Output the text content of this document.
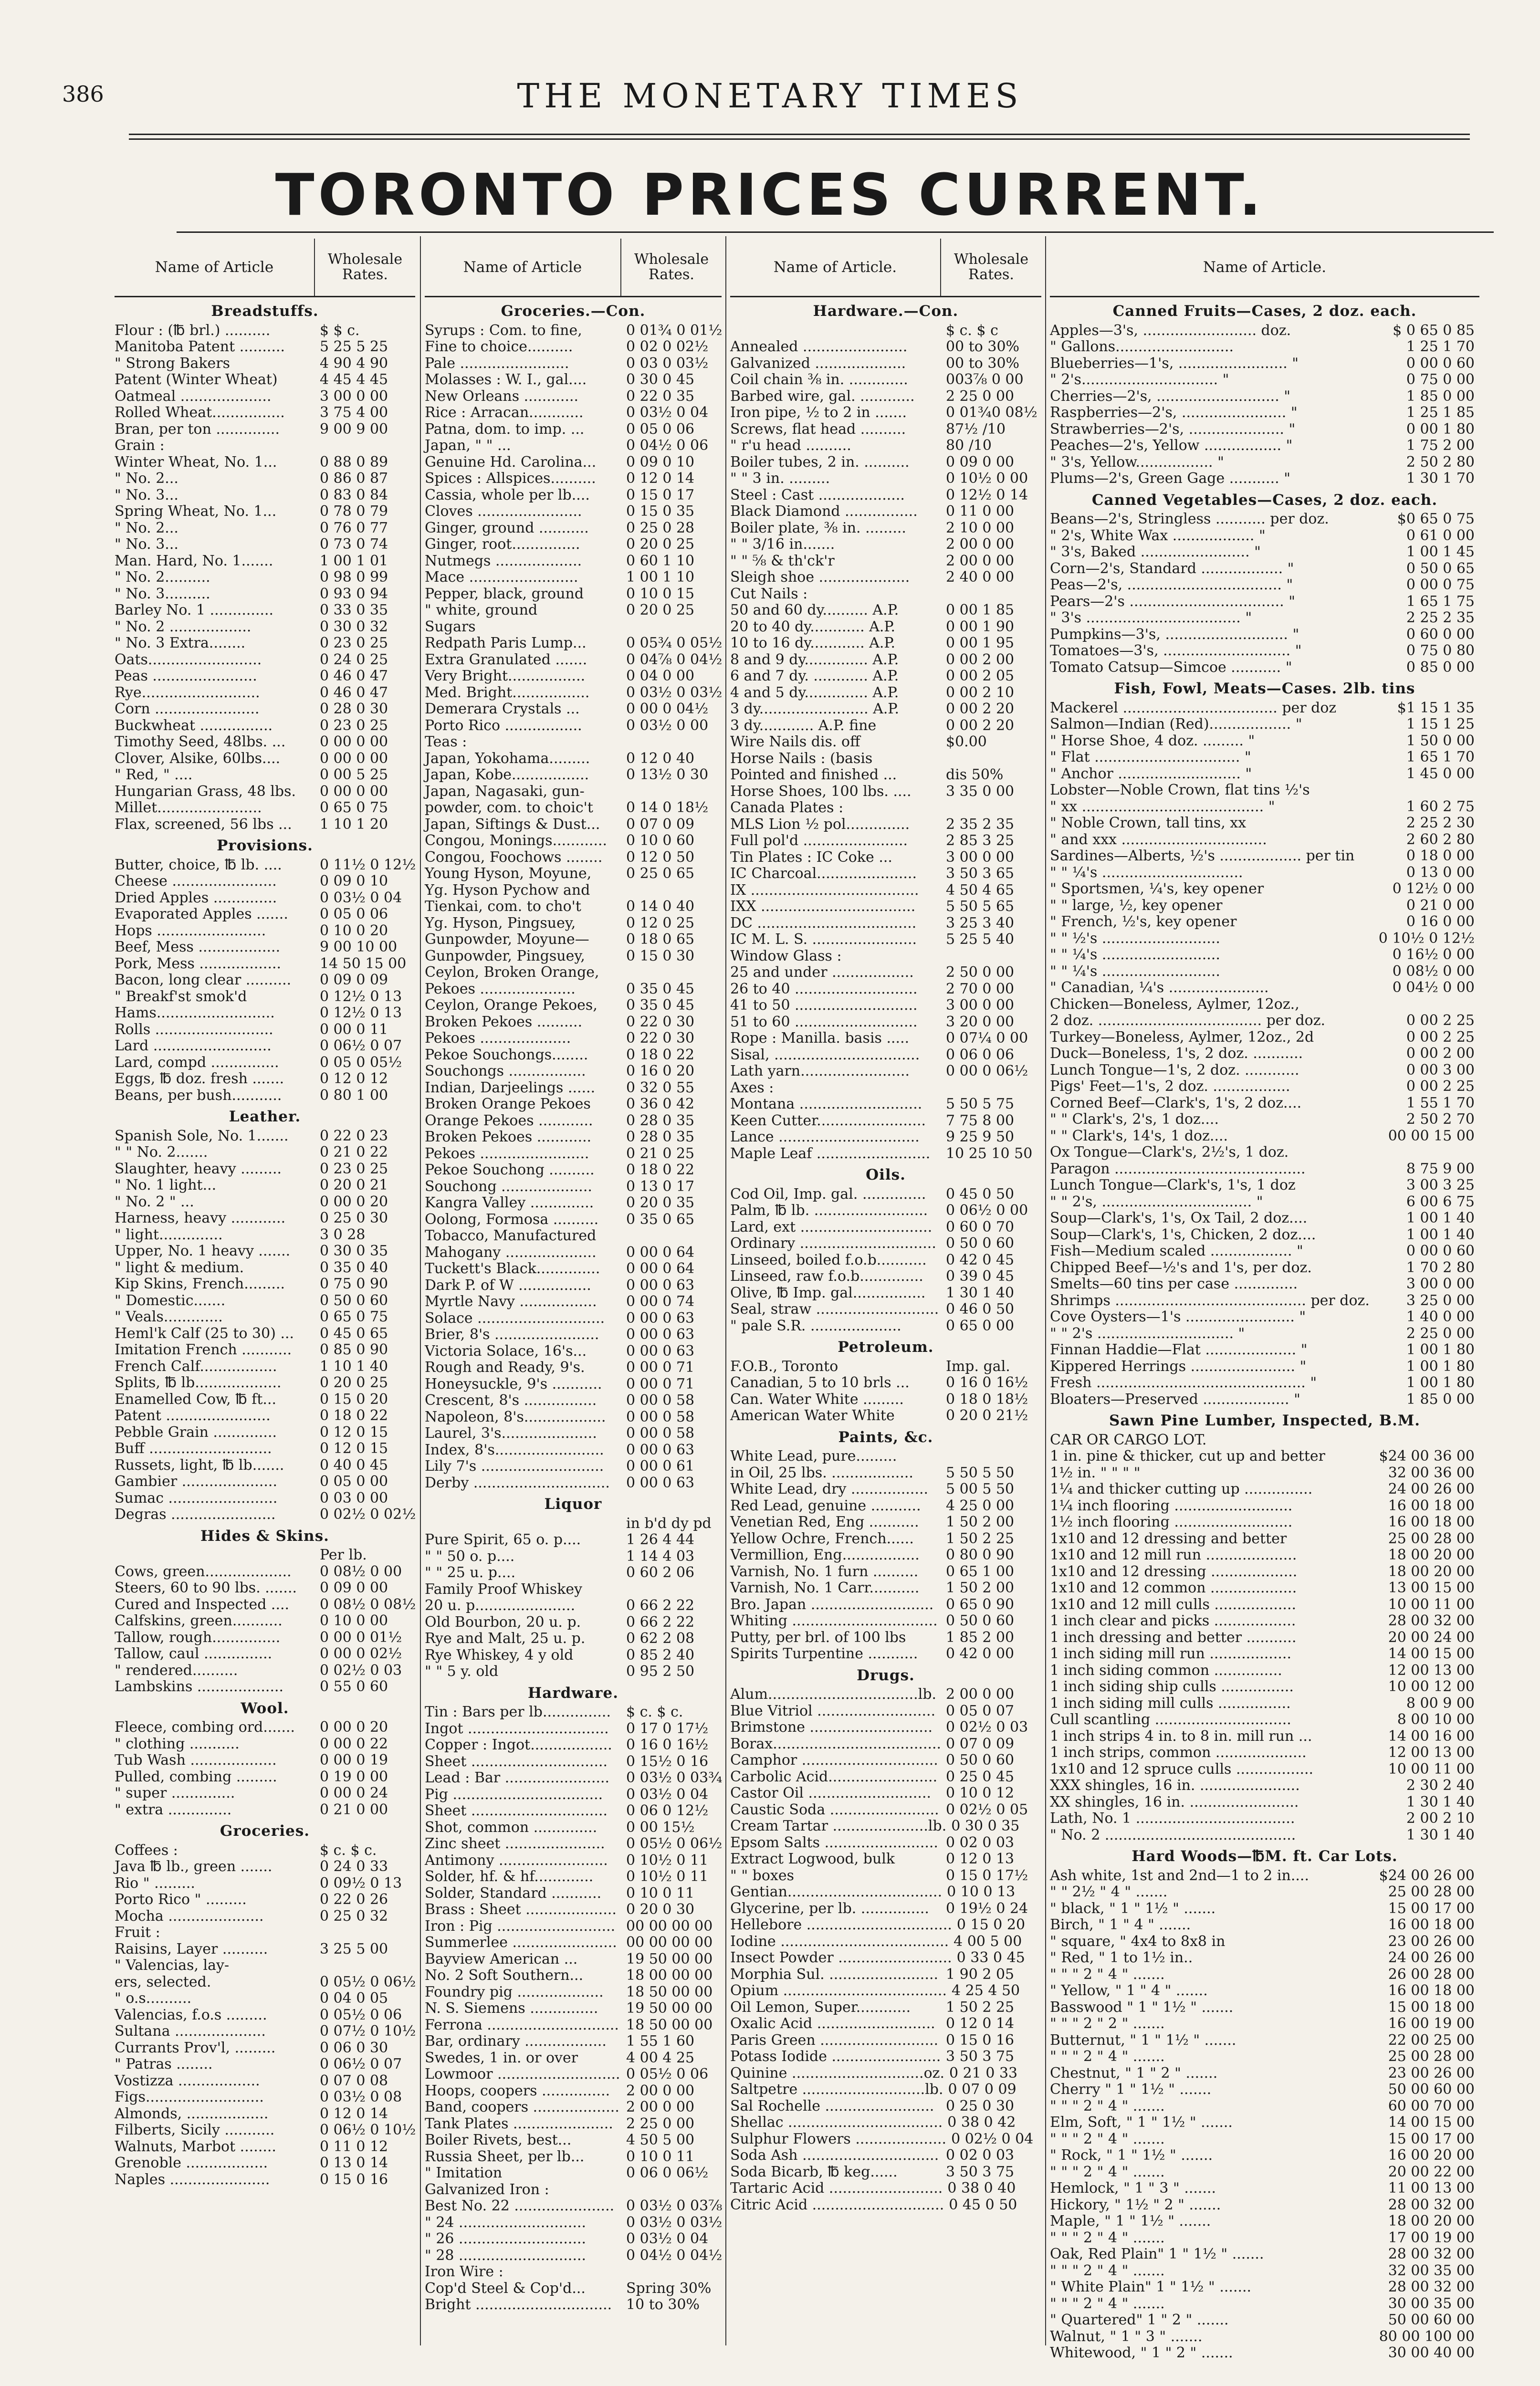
386	THE MONETARY TIMES
TORONTO PRICES CURRENT.
Name of Article	Wholesale Rates.
Breadstuffs.
Flour : (℔ brl.) ..........	$ $ c.
Manitoba Patent ..........	5 25 5 25
" Strong Bakers	4 90 4 90
Patent (Winter Wheat)	4 45 4 45
Oatmeal ....................	3 00 0 00
Rolled Wheat................	3 75 4 00
Bran, per ton ..............	9 00 9 00
Grain :
Winter Wheat, No. 1...	0 88 0 89
" No. 2...	0 86 0 87
" No. 3...	0 83 0 84
Spring Wheat, No. 1...	0 78 0 79
" No. 2...	0 76 0 77
" No. 3...	0 73 0 74
Man. Hard, No. 1.......	1 00 1 01
" No. 2..........	0 98 0 99
" No. 3..........	0 93 0 94
Barley No. 1 ..............	0 33 0 35
" No. 2 ..................	0 30 0 32
" No. 3 Extra........	0 23 0 25
Oats.........................	0 24 0 25
Peas .......................	0 46 0 47
Rye..........................	0 46 0 47
Corn .......................	0 28 0 30
Buckwheat ................	0 23 0 25
Timothy Seed, 48lbs. ...	0 00 0 00
Clover, Alsike, 60lbs....	0 00 0 00
" Red, " ....	0 00 5 25
Hungarian Grass, 48 lbs.	0 00 0 00
Millet.......................	0 65 0 75
Flax, screened, 56 lbs ...	1 10 1 20
Provisions.
Butter, choice, ℔ lb. ....	0 11½ 0 12½
Cheese .......................	0 09 0 10
Dried Apples ..............	0 03½ 0 04
Evaporated Apples .......	0 05 0 06
Hops ........................	0 10 0 20
Beef, Mess ..................	9 00 10 00
Pork, Mess ..................	14 50 15 00
Bacon, long clear ..........	0 09 0 09
" Breakf'st smok'd	0 12½ 0 13
Hams..........................	0 12½ 0 13
Rolls ..........................	0 00 0 11
Lard ..........................	0 06½ 0 07
Lard, compd ...............	0 05 0 05½
Eggs, ℔ doz. fresh .......	0 12 0 12
Beans, per bush...........	0 80 1 00
Leather.
Spanish Sole, No. 1.......	0 22 0 23
" " No. 2.......	0 21 0 22
Slaughter, heavy .........	0 23 0 25
" No. 1 light...	0 20 0 21
" No. 2 " ...	0 00 0 20
Harness, heavy ............	0 25 0 30
" light..............	3 0 28
Upper, No. 1 heavy .......	0 30 0 35
" light & medium.	0 35 0 40
Kip Skins, French.........	0 75 0 90
" Domestic.......	0 50 0 60
" Veals.............	0 65 0 75
Heml'k Calf (25 to 30) ...	0 45 0 65
Imitation French ...........	0 85 0 90
French Calf.................	1 10 1 40
Splits, ℔ lb...................	0 20 0 25
Enamelled Cow, ℔ ft...	0 15 0 20
Patent .......................	0 18 0 22
Pebble Grain ..............	0 12 0 15
Buff ...........................	0 12 0 15
Russets, light, ℔ lb.......	0 40 0 45
Gambier .....................	0 05 0 00
Sumac ........................	0 03 0 00
Degras .......................	0 02½ 0 02½
Hides & Skins.
Per lb.
Cows, green...................	0 08½ 0 00
Steers, 60 to 90 lbs. .......	0 09 0 00
Cured and Inspected ....	0 08½ 0 08½
Calfskins, green...........	0 10 0 00
Tallow, rough...............	0 00 0 01½
Tallow, caul ...............	0 00 0 02½
" rendered..........	0 02½ 0 03
Lambskins ...................	0 55 0 60
Wool.
Fleece, combing ord.......	0 00 0 20
" clothing ...........	0 00 0 22
Tub Wash ...................	0 00 0 19
Pulled, combing .........	0 19 0 00
" super ..............	0 00 0 24
" extra ..............	0 21 0 00
Groceries.
Coffees :	$ c. $ c.
Java ℔ lb., green .......	0 24 0 33
Rio " .........	0 09½ 0 13
Porto Rico " .........	0 22 0 26
Mocha .....................	0 25 0 32
Fruit :
Raisins, Layer ..........	3 25 5 00
" Valencias, lay-
ers, selected.	0 05½ 0 06½
" o.s..........	0 04 0 05
Valencias, f.o.s .........	0 05½ 0 06
Sultana ....................	0 07½ 0 10½
Currants Prov'l, .........	0 06 0 30
" Patras ........	0 06½ 0 07
Vostizza ..................	0 07 0 08
Figs..........................	0 03½ 0 08
Almonds, ..................	0 12 0 14
Filberts, Sicily ...........	0 06½ 0 10½
Walnuts, Marbot ........	0 11 0 12
Grenoble ..................	0 13 0 14
Naples ......................	0 15 0 16
Name of Article	Wholesale Rates.
Groceries.—Con.
Syrups : Com. to fine,	0 01¾ 0 01½
Fine to choice..........	0 02 0 02½
Pale ........................	0 03 0 03½
Molasses : W. I., gal....	0 30 0 45
New Orleans ............	0 22 0 35
Rice : Arracan............	0 03½ 0 04
Patna, dom. to imp. ...	0 05 0 06
Japan, " " ...	0 04½ 0 06
Genuine Hd. Carolina...	0 09 0 10
Spices : Allspices..........	0 12 0 14
Cassia, whole per lb....	0 15 0 17
Cloves .......................	0 15 0 35
Ginger, ground ...........	0 25 0 28
Ginger, root...............	0 20 0 25
Nutmegs ...................	0 60 1 10
Mace ........................	1 00 1 10
Pepper, black, ground	0 10 0 15
" white, ground	0 20 0 25
Sugars
Redpath Paris Lump...	0 05¾ 0 05½
Extra Granulated .......	0 04⅞ 0 04½
Very Bright.................	0 04 0 00
Med. Bright.................	0 03½ 0 03½
Demerara Crystals ...	0 00 0 04½
Porto Rico .................	0 03½ 0 00
Teas :
Japan, Yokohama.........	0 12 0 40
Japan, Kobe.................	0 13½ 0 30
Japan, Nagasaki, gun-
powder, com. to choic't	0 14 0 18½
Japan, Siftings & Dust...	0 07 0 09
Congou, Monings............	0 10 0 60
Congou, Foochows ........	0 12 0 50
Young Hyson, Moyune,	0 25 0 65
Yg. Hyson Pychow and
Tienkai, com. to cho't	0 14 0 40
Yg. Hyson, Pingsuey,	0 12 0 25
Gunpowder, Moyune—	0 18 0 65
Gunpowder, Pingsuey,	0 15 0 30
Ceylon, Broken Orange,
Pekoes .....................	0 35 0 45
Ceylon, Orange Pekoes,	0 35 0 45
Broken Pekoes ..........	0 22 0 30
Pekoes ....................	0 22 0 30
Pekoe Souchongs........	0 18 0 22
Souchongs .................	0 16 0 20
Indian, Darjeelings ......	0 32 0 55
Broken Orange Pekoes	0 36 0 42
Orange Pekoes ............	0 28 0 35
Broken Pekoes ............	0 28 0 35
Pekoes ........................	0 21 0 25
Pekoe Souchong ..........	0 18 0 22
Souchong ....................	0 13 0 17
Kangra Valley ..............	0 20 0 35
Oolong, Formosa ..........	0 35 0 65
Tobacco, Manufactured
Mahogany ....................	0 00 0 64
Tuckett's Black..............	0 00 0 64
Dark P. of W ................	0 00 0 63
Myrtle Navy .................	0 00 0 74
Solace ............................	0 00 0 63
Brier, 8's .......................	0 00 0 63
Victoria Solace, 16's...	0 00 0 63
Rough and Ready, 9's.	0 00 0 71
Honeysuckle, 9's ...........	0 00 0 71
Crescent, 8's ................	0 00 0 58
Napoleon, 8's..................	0 00 0 58
Laurel, 3's.....................	0 00 0 58
Index, 8's........................	0 00 0 63
Lily 7's ...........................	0 00 0 61
Derby ..............................	0 00 0 63
Liquor
in b'd dy pd
Pure Spirit, 65 o. p....	1 26 4 44
" " 50 o. p....	1 14 4 03
" " 25 u. p....	0 60 2 06
Family Proof Whiskey
20 u. p......................	0 66 2 22
Old Bourbon, 20 u. p.	0 66 2 22
Rye and Malt, 25 u. p.	0 62 2 08
Rye Whiskey, 4 y old	0 85 2 40
" " 5 y. old	0 95 2 50
Hardware.
Tin : Bars per lb...............	$ c. $ c.
Ingot ...............................	0 17 0 17½
Copper : Ingot.................. 0 16 0 16½
Sheet ..............................	0 15½ 0 16
Lead : Bar .......................	0 03½ 0 03¾
Pig .................................	0 03½ 0 04
Sheet ..............................	0 06 0 12½
Shot, common ..............	0 00 15½
Zinc sheet ......................	0 05½ 0 06½
Antimony ........................	0 10½ 0 11
Solder, hf. & hf.............	0 10½ 0 11
Solder, Standard ...........	0 10 0 11
Brass : Sheet .................... 0 20 0 30
Iron : Pig .......................... 00 00 00 00
Summerlee ....................... 00 00 00 00
Bayview American ...	19 50 00 00
No. 2 Soft Southern...	18 00 00 00
Foundry pig ...................	18 50 00 00
N. S. Siemens ...............	19 50 00 00
Ferrona ............................. 18 50 00 00
Bar, ordinary ..................	1 55 1 60
Swedes, 1 in. or over	4 00 4 25
Lowmoor ........................... 0 05½ 0 06
Hoops, coopers ...............	2 00 0 00
Band, coopers ................... 2 00 0 00
Tank Plates ...................... 2 25 0 00
Boiler Rivets, best...	4 50 5 00
Russia Sheet, per lb...	0 10 0 11
" Imitation	0 06 0 06½
Galvanized Iron :
Best No. 22 ...................... 0 03½ 0 03⅞
" 24 ............................	0 03½ 0 03½
" 26 ............................	0 03½ 0 04
" 28 ............................	0 04½ 0 04½
Iron Wire :
Cop'd Steel & Cop'd...	Spring 30%
Bright .............................. 10 to 30%
Name of Article.	Wholesale Rates.
Hardware.—Con.
$ c. $ c
Annealed .......................	00 to 30%
Galvanized ....................	00 to 30%
Coil chain ⅜ in. .............	003⅞ 0 00
Barbed wire, gal. ............	2 25 0 00
Iron pipe, ½ to 2 in .......	0 01¾0 08½
Screws, flat head ..........	87½ /10
" r'u head ..........	80 /10
Boiler tubes, 2 in. ..........	0 09 0 00
" " 3 in. .........	0 10½ 0 00
Steel : Cast ...................	0 12½ 0 14
Black Diamond ................	0 11 0 00
Boiler plate, ⅜ in. .........	2 10 0 00
" " 3/16 in.......	2 00 0 00
" " ⅝ & th'ck'r	2 00 0 00
Sleigh shoe ....................	2 40 0 00
Cut Nails :
50 and 60 dy.......... A.P.	0 00 1 85
20 to 40 dy............ A.P.	0 00 1 90
10 to 16 dy............ A.P.	0 00 1 95
8 and 9 dy.............. A.P.	0 00 2 00
6 and 7 dy. ............ A.P.	0 00 2 05
4 and 5 dy.............. A.P.	0 00 2 10
3 dy........................ A.P.	0 00 2 20
3 dy............ A.P. fine	0 00 2 20
Wire Nails dis. off	$0.00
Horse Nails : (basis
Pointed and finished ...	dis 50%
Horse Shoes, 100 lbs. ....	3 35 0 00
Canada Plates :
MLS Lion ½ pol..............	2 35 2 35
Full pol'd .......................	2 85 3 25
Tin Plates : IC Coke ...	3 00 0 00
IC Charcoal......................	3 50 3 65
IX .....................................	4 50 4 65
IXX ..................................	5 50 5 65
DC ...................................	3 25 3 40
IC M. L. S. .......................	5 25 5 40
Window Glass :
25 and under ..................	2 50 0 00
26 to 40 ...........................	2 70 0 00
41 to 50 ...........................	3 00 0 00
51 to 60 ...........................	3 20 0 00
Rope : Manilla. basis .....	0 07¼ 0 00
Sisal, ................................	0 06 0 06
Lath yarn........................	0 00 0 06½
Axes :
Montana ...........................	5 50 5 75
Keen Cutter........................	7 75 8 00
Lance ...............................	9 25 9 50
Maple Leaf .........................	10 25 10 50
Oils.
Cod Oil, Imp. gal. ..............	0 45 0 50
Palm, ℔ lb. .........................	0 06½ 0 00
Lard, ext ............................. 0 60 0 70
Ordinary .............................. 0 50 0 60
Linseed, boiled f.o.b...........	0 42 0 45
Linseed, raw f.o.b..............	0 39 0 45
Olive, ℔ Imp. gal................	1 30 1 40
Seal, straw ........................... 0 46 0 50
" pale S.R. ....................	0 65 0 00
Petroleum.
F.O.B., Toronto	Imp. gal.
Canadian, 5 to 10 brls ...	0 16 0 16½
Can. Water White .........	0 18 0 18½
American Water White	0 20 0 21½
Paints, &c.
White Lead, pure.........
in Oil, 25 lbs. ..................	5 50 5 50
White Lead, dry .................	5 00 5 50
Red Lead, genuine ...........	4 25 0 00
Venetian Red, Eng ...........	1 50 2 00
Yellow Ochre, French......	1 50 2 25
Vermillion, Eng.................	0 80 0 90
Varnish, No. 1 furn ..........	0 65 1 00
Varnish, No. 1 Carr...........	1 50 2 00
Bro. Japan ........................... 0 65 0 90
Whiting ................................ 0 50 0 60
Putty, per brl. of 100 lbs	1 85 2 00
Spirits Turpentine ...........	0 42 0 00
Drugs.
Alum.................................lb. 2 00 0 00
Blue Vitriol .......................... 0 05 0 07
Brimstone ........................... 0 02½ 0 03
Borax..................................... 0 07 0 09
Camphor .............................. 0 50 0 60
Carbolic Acid........................ 0 25 0 45
Castor Oil ...........................	0 10 0 12
Caustic Soda ........................ 0 02½ 0 05
Cream Tartar .....................lb. 0 30 0 35
Epsom Salts ......................... 0 02 0 03
Extract Logwood, bulk	0 12 0 13
" " boxes	0 15 0 17½
Gentian.................................. 0 10 0 13
Glycerine, per lb. ...............	0 19½ 0 24
Hellebore ................................ 0 15 0 20
Iodine ..................................... 4 00 5 00
Insect Powder ......................... 0 33 0 45
Morphia Sul. ........................ 1 90 2 05
Opium .................................... 4 25 4 50
Oil Lemon, Super............	1 50 2 25
Oxalic Acid .......................... 0 12 0 14
Paris Green .......................... 0 15 0 16
Potass Iodide ........................ 3 50 3 75
Quinine .............................oz. 0 21 0 33
Saltpetre ...........................lb. 0 07 0 09
Sal Rochelle ........................ 0 25 0 30
Shellac .................................. 0 38 0 42
Sulphur Flowers .................... 0 02½ 0 04
Soda Ash .............................. 0 02 0 03
Soda Bicarb, ℔ keg......	3 50 3 75
Tartaric Acid ......................... 0 38 0 40
Citric Acid ............................. 0 45 0 50
Name of Article.
Canned Fruits—Cases, 2 doz. each.
Apples—3's, ......................... doz.	$ 0 65 0 85
" Gallons..........................	1 25 1 70
Blueberries—1's, ........................ "	0 00 0 60
" 2's.............................. "	0 75 0 00
Cherries—2's, ........................... "	1 85 0 00
Raspberries—2's, ....................... "	1 25 1 85
Strawberries—2's, ..................... "	0 00 1 80
Peaches—2's, Yellow ................. "	1 75 2 00
" 3's, Yellow................. "	2 50 2 80
Plums—2's, Green Gage ........... "	1 30 1 70
Canned Vegetables—Cases, 2 doz. each.
Beans—2's, Stringless ........... per doz.	$0 65 0 75
" 2's, White Wax .................. "	0 61 0 00
" 3's, Baked ........................ "	1 00 1 45
Corn—2's, Standard .................. "	0 50 0 65
Peas—2's, .................................. "	0 00 0 75
Pears—2's .................................. "	1 65 1 75
" 3's .................................. "	2 25 2 35
Pumpkins—3's, ........................... "	0 60 0 00
Tomatoes—3's, ............................ "	0 75 0 80
Tomato Catsup—Simcoe ........... "	0 85 0 00
Fish, Fowl, Meats—Cases. 2lb. tins
Mackerel .................................. per doz	$1 15 1 35
Salmon—Indian (Red).................. "	1 15 1 25
" Horse Shoe, 4 doz. ......... "	1 50 0 00
" Flat ................................ "	1 65 1 70
" Anchor ........................... "	1 45 0 00
Lobster—Noble Crown, flat tins ½'s
" xx ........................................ "	1 60 2 75
" Noble Crown, tall tins, xx	2 25 2 30
" and xxx ................................	2 60 2 80
Sardines—Alberts, ½'s .................. per tin	0 18 0 00
" " ¼'s ...............................	0 13 0 00
" Sportsmen, ¼'s, key opener	0 12½ 0 00
" " large, ½, key opener	0 21 0 00
" French, ½'s, key opener	0 16 0 00
" " ½'s ..........................	0 10½ 0 12½
" " ¼'s ..........................	0 16½ 0 00
" " ¼'s ..........................	0 08½ 0 00
" Canadian, ¼'s ......................	0 04½ 0 00
Chicken—Boneless, Aylmer, 12oz.,
2 doz. .................................... per doz.	0 00 2 25
Turkey—Boneless, Aylmer, 12oz., 2d	0 00 2 25
Duck—Boneless, 1's, 2 doz. ...........	0 00 2 00
Lunch Tongue—1's, 2 doz. ............	0 00 3 00
Pigs' Feet—1's, 2 doz. .................	0 00 2 25
Corned Beef—Clark's, 1's, 2 doz....	1 55 1 70
" " Clark's, 2's, 1 doz....	2 50 2 70
" " Clark's, 14's, 1 doz....	00 00 15 00
Ox Tongue—Clark's, 2½'s, 1 doz.
Paragon ..........................................	8 75 9 00
Lunch Tongue—Clark's, 1's, 1 doz	3 00 3 25
" " 2's, ................................. "	6 00 6 75
Soup—Clark's, 1's, Ox Tail, 2 doz....	1 00 1 40
Soup—Clark's, 1's, Chicken, 2 doz....	1 00 1 40
Fish—Medium scaled .................. "	0 00 0 60
Chipped Beef—½'s and 1's, per doz.	1 70 2 80
Smelts—60 tins per case ..............	3 00 0 00
Shrimps .......................................... per doz.	3 25 0 00
Cove Oysters—1's ........................ "	1 40 0 00
" " 2's .............................. "	2 25 0 00
Finnan Haddie—Flat .................... "	1 00 1 80
Kippered Herrings ....................... "	1 00 1 80
Fresh .............................................. "	1 00 1 80
Bloaters—Preserved ................... "	1 85 0 00
Sawn Pine Lumber, Inspected, B.M.
CAR OR CARGO LOT.
1 in. pine & thicker, cut up and better	$24 00 36 00
1½ in. " " " "	32 00 36 00
1¼ and thicker cutting up ...............	24 00 26 00
1¼ inch flooring ..........................	16 00 18 00
1½ inch flooring ..........................	16 00 18 00
1x10 and 12 dressing and better	25 00 28 00
1x10 and 12 mill run ....................	18 00 20 00
1x10 and 12 dressing ...................	18 00 20 00
1x10 and 12 common ...................	13 00 15 00
1x10 and 12 mill culls ..................	10 00 11 00
1 inch clear and picks ..................	28 00 32 00
1 inch dressing and better ...........	20 00 24 00
1 inch siding mill run ..................	14 00 15 00
1 inch siding common ...............	12 00 13 00
1 inch siding ship culls ................	10 00 12 00
1 inch siding mill culls ................	8 00 9 00
Cull scantling ..............................	8 00 10 00
1 inch strips 4 in. to 8 in. mill run ...	14 00 16 00
1 inch strips, common ....................	12 00 13 00
1x10 and 12 spruce culls .................	10 00 11 00
XXX shingles, 16 in. ......................	2 30 2 40
XX shingles, 16 in. ........................	1 30 1 40
Lath, No. 1 ...................................	2 00 2 10
" No. 2 ..........................................	1 30 1 40
Hard Woods—℔M. ft. Car Lots.
Ash white, 1st and 2nd—1 to 2 in....	$24 00 26 00
" " 2½ " 4 " .......	25 00 28 00
" black, " 1 " 1½ " .......	15 00 17 00
Birch, " 1 " 4 " .......	16 00 18 00
" square, " 4x4 to 8x8 in	23 00 26 00
" Red, " 1 to 1½ in..	24 00 26 00
" " " 2 " 4 " .......	26 00 28 00
" Yellow, " 1 " 4 " .......	16 00 18 00
Basswood " 1 " 1½ " .......	15 00 18 00
" " " 2 " 2 " .......	16 00 19 00
Butternut, " 1 " 1½ " .......	22 00 25 00
" " " 2 " 4 " .......	25 00 28 00
Chestnut, " 1 " 2 " .......	23 00 26 00
Cherry " 1 " 1½ " .......	50 00 60 00
" " " 2 " 4 " .......	60 00 70 00
Elm, Soft, " 1 " 1½ " .......	14 00 15 00
" " " 2 " 4 " .......	15 00 17 00
" Rock, " 1 " 1½ " .......	16 00 20 00
" " " 2 " 4 " .......	20 00 22 00
Hemlock, " 1 " 3 " .......	11 00 13 00
Hickory, " 1½ " 2 " .......	28 00 32 00
Maple, " 1 " 1½ " .......	18 00 20 00
" " " 2 " 4 " .......	17 00 19 00
Oak, Red Plain" 1 " 1½ " .......	28 00 32 00
" " " 2 " 4 " .......	32 00 35 00
" White Plain" 1 " 1½ " .......	28 00 32 00
" " " 2 " 4 " .......	30 00 35 00
" Quartered" 1 " 2 " .......	50 00 60 00
Walnut, " 1 " 3 " .......	80 00 100 00
Whitewood, " 1 " 2 " .......	30 00 40 00
